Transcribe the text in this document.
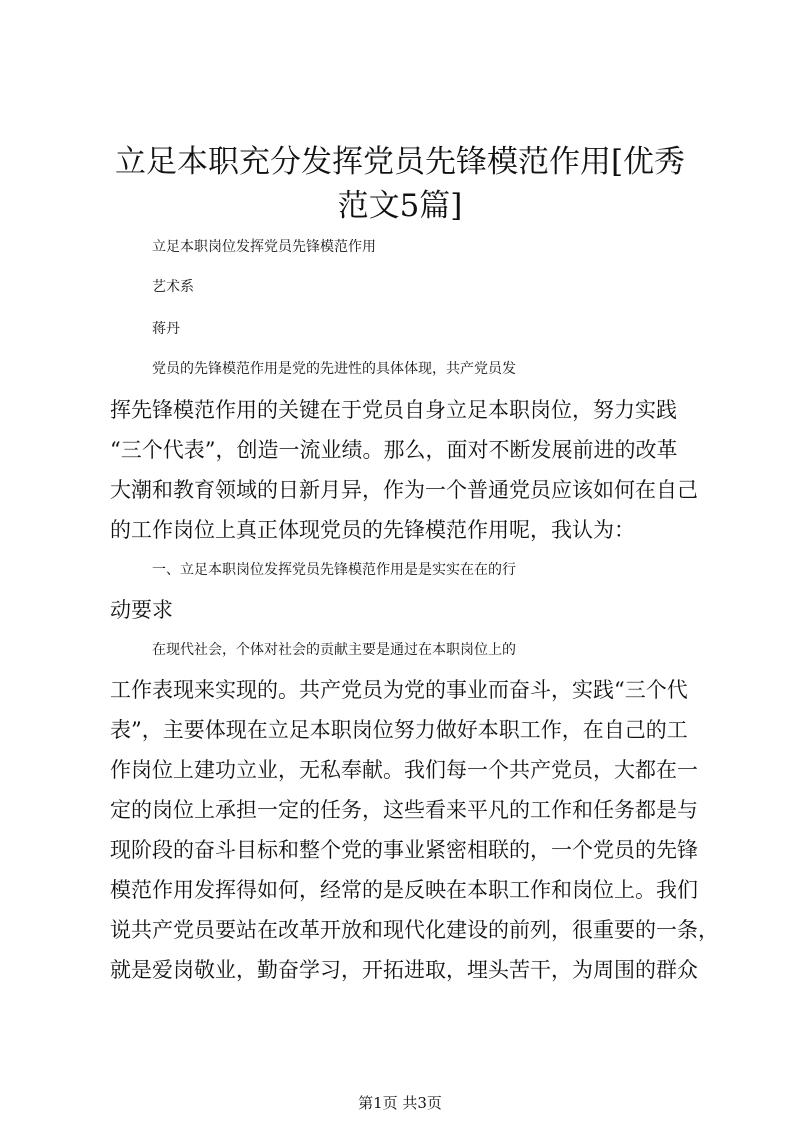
立足本职充分发挥党员先锋模范作用[优秀范文5篇]
立足本职岗位发挥党员先锋模范作用
艺术系
蒋丹
党员的先锋模范作用是党的先进性的具体体现，共产党员发
挥先锋模范作用的关键在于党员自身立足本职岗位，努力实践
“三个代表”，创造一流业绩。那么，面对不断发展前进的改革
大潮和教育领域的日新月异，作为一个普通党员应该如何在自己
的工作岗位上真正体现党员的先锋模范作用呢，我认为：
一、立足本职岗位发挥党员先锋模范作用是是实实在在的行
动要求
在现代社会，个体对社会的贡献主要是通过在本职岗位上的
工作表现来实现的。共产党员为党的事业而奋斗，实践“三个代
表”，主要体现在立足本职岗位努力做好本职工作，在自己的工
作岗位上建功立业，无私奉献。我们每一个共产党员，大都在一
定的岗位上承担一定的任务，这些看来平凡的工作和任务都是与
现阶段的奋斗目标和整个党的事业紧密相联的，一个党员的先锋
模范作用发挥得如何，经常的是反映在本职工作和岗位上。我们
说共产党员要站在改革开放和现代化建设的前列，很重要的一条，
就是爱岗敬业，勤奋学习，开拓进取，埋头苦干，为周围的群众
第1页 共3页
